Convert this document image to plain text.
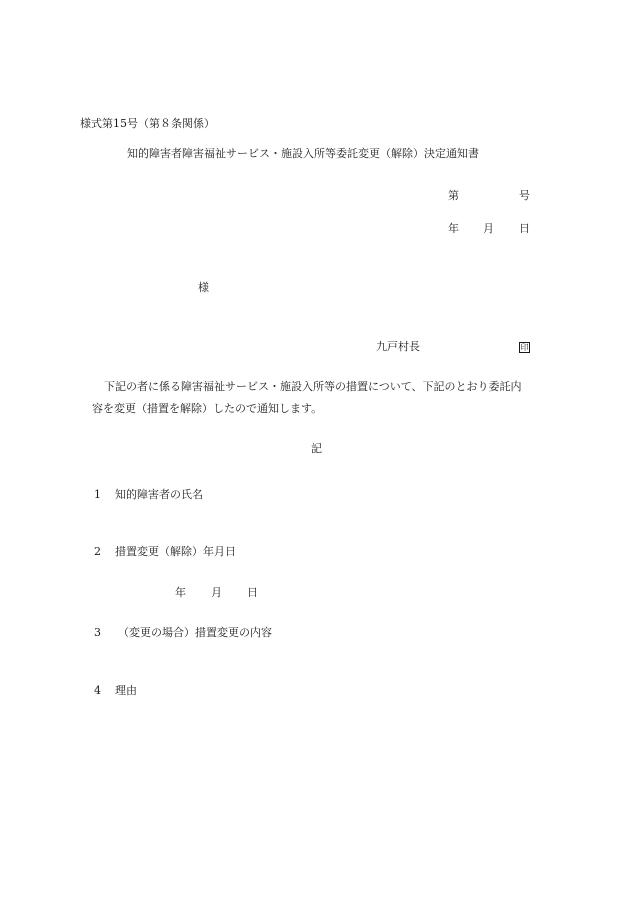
様式第15号（第８条関係）
知的障害者障害福祉サービス・施設入所等委託変更（解除）決定通知書
第	号
年 月 日
様
九戸村長	印
下記の者に係る障害福祉サービス・施設入所等の措置について、下記のとおり委託内
容を変更（措置を解除）したので通知します。
記
1 知的障害者の氏名
2 措置変更（解除）年月日
年 月 日
3 （変更の場合）措置変更の内容
4 理由
